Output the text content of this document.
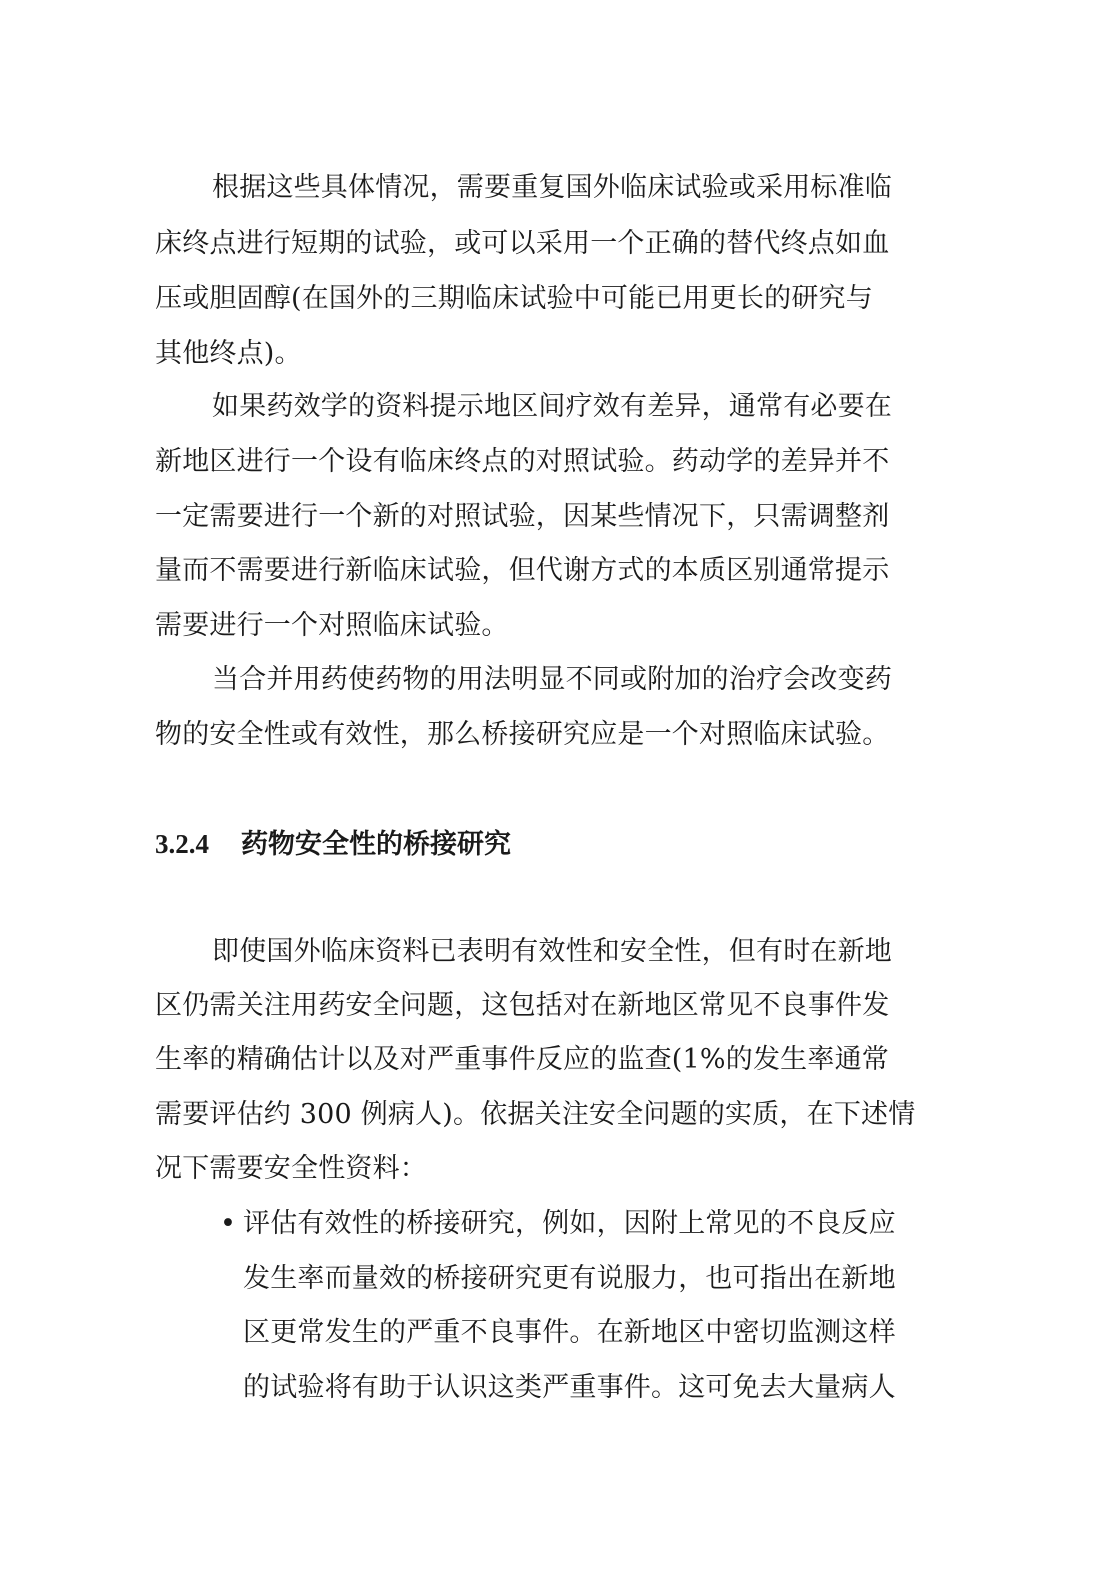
根据这些具体情况，需要重复国外临床试验或采用标准临
床终点进行短期的试验，或可以采用一个正确的替代终点如血
压或胆固醇(在国外的三期临床试验中可能已用更长的研究与
其他终点)。
如果药效学的资料提示地区间疗效有差异，通常有必要在
新地区进行一个设有临床终点的对照试验。药动学的差异并不
一定需要进行一个新的对照试验，因某些情况下，只需调整剂
量而不需要进行新临床试验，但代谢方式的本质区别通常提示
需要进行一个对照临床试验。
当合并用药使药物的用法明显不同或附加的治疗会改变药
物的安全性或有效性，那么桥接研究应是一个对照临床试验。
3.2.4 药物安全性的桥接研究
即使国外临床资料已表明有效性和安全性，但有时在新地
区仍需关注用药安全问题，这包括对在新地区常见不良事件发
生率的精确估计以及对严重事件反应的监查(1%的发生率通常
需要评估约 300 例病人)。依据关注安全问题的实质，在下述情
况下需要安全性资料：
• 评估有效性的桥接研究，例如，因附上常见的不良反应
发生率而量效的桥接研究更有说服力，也可指出在新地
区更常发生的严重不良事件。在新地区中密切监测这样
的试验将有助于认识这类严重事件。这可免去大量病人
